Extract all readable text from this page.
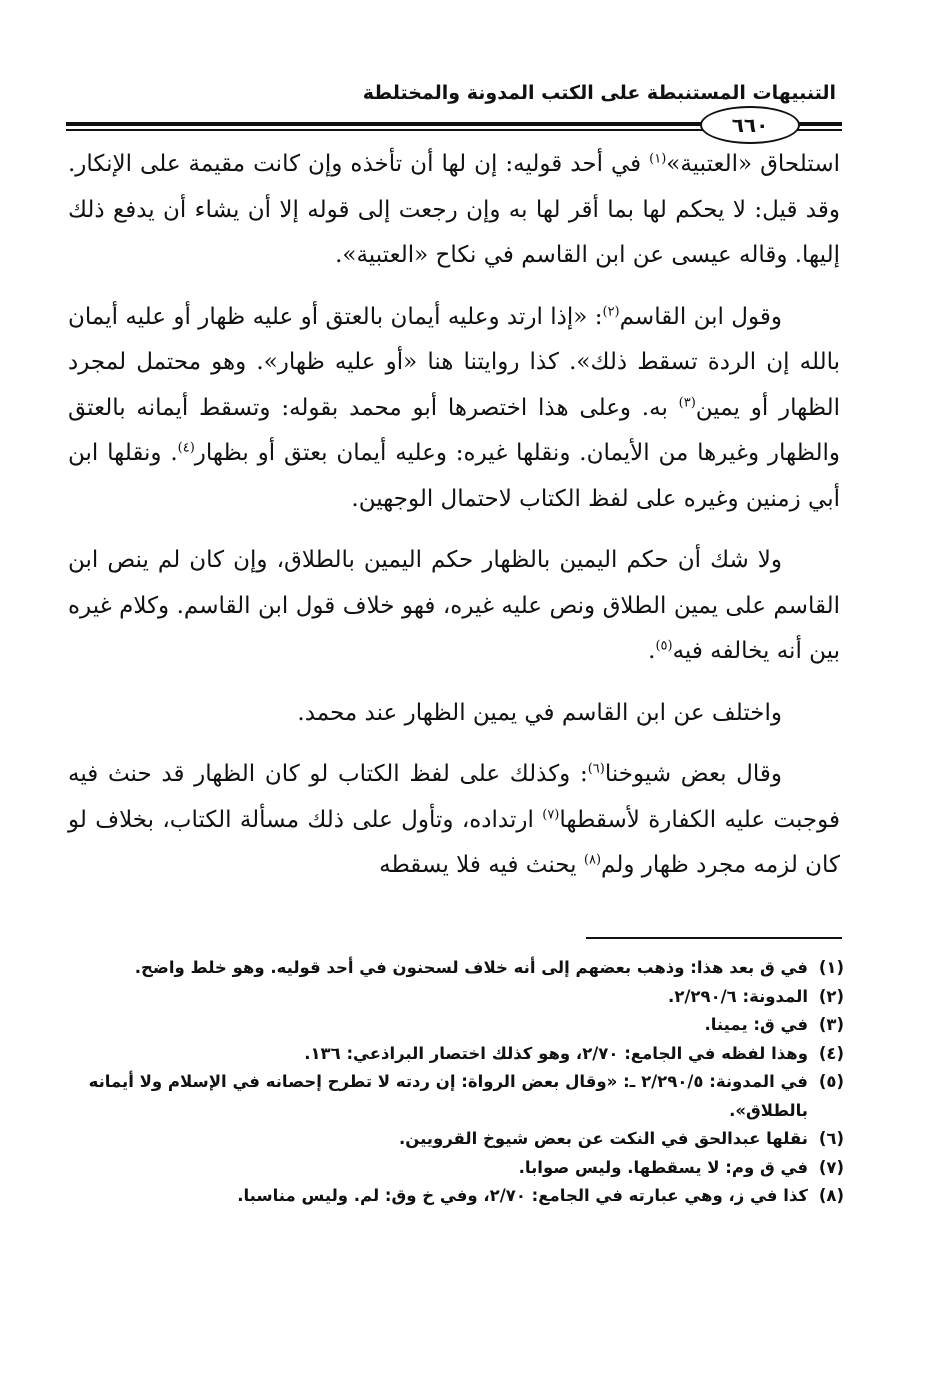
التنبيهات المستنبطة على الكتب المدونة والمختلطة
٦٦٠

استلحاق «العتبية»$^{(١)}$ في أحد قوليه: إن لها أن تأخذه وإن كانت مقيمة على الإنكار. وقد قيل: لا يحكم لها بما أقر لها به وإن رجعت إلى قوله إلا أن يشاء أن يدفع ذلك إليها. وقاله عيسى عن ابن القاسم في نكاح «العتبية».

وقول ابن القاسم$^{(٢)}$: «إذا ارتد وعليه أيمان بالعتق أو عليه ظهار أو عليه أيمان بالله إن الردة تسقط ذلك». كذا روايتنا هنا «أو عليه ظهار». وهو محتمل لمجرد الظهار أو يمين$^{(٣)}$ به. وعلى هذا اختصرها أبو محمد بقوله: وتسقط أيمانه بالعتق والظهار وغيرها من الأيمان. ونقلها غيره: وعليه أيمان بعتق أو بظهار$^{(٤)}$. ونقلها ابن أبي زمنين وغيره على لفظ الكتاب لاحتمال الوجهين.

ولا شك أن حكم اليمين بالظهار حكم اليمين بالطلاق، وإن كان لم ينص ابن القاسم على يمين الطلاق ونص عليه غيره، فهو خلاف قول ابن القاسم. وكلام غيره بين أنه يخالفه فيه$^{(٥)}$.

واختلف عن ابن القاسم في يمين الظهار عند محمد.

وقال بعض شيوخنا$^{(٦)}$: وكذلك على لفظ الكتاب لو كان الظهار قد حنث فيه فوجبت عليه الكفارة لأسقطها$^{(٧)}$ ارتداده، وتأول على ذلك مسألة الكتاب، بخلاف لو كان لزمه مجرد ظهار ولم$^{(٨)}$ يحنث فيه فلا يسقطه

(١)
في ق بعد هذا: وذهب بعضهم إلى أنه خلاف لسحنون في أحد قوليه. وهو خلط واضح.
(٢)
المدونة: ٢/٢٩٠/٦.
(٣)
في ق: يمينا.
(٤)
وهذا لفظه في الجامع: ٢/٧٠، وهو كذلك اختصار البراذعي: ١٣٦.
(٥)
في المدونة: ٢/٢٩٠/٥ ـ: «وقال بعض الرواة: إن ردته لا تطرح إحصانه في الإسلام ولا أيمانه بالطلاق».
(٦)
نقلها عبدالحق في النكت عن بعض شيوخ القرويين.
(٧)
في ق وم: لا يسقطها. وليس صوابا.
(٨)
كذا في ز، وهي عبارته في الجامع: ٢/٧٠، وفي خ وق: لم. وليس مناسبا.
